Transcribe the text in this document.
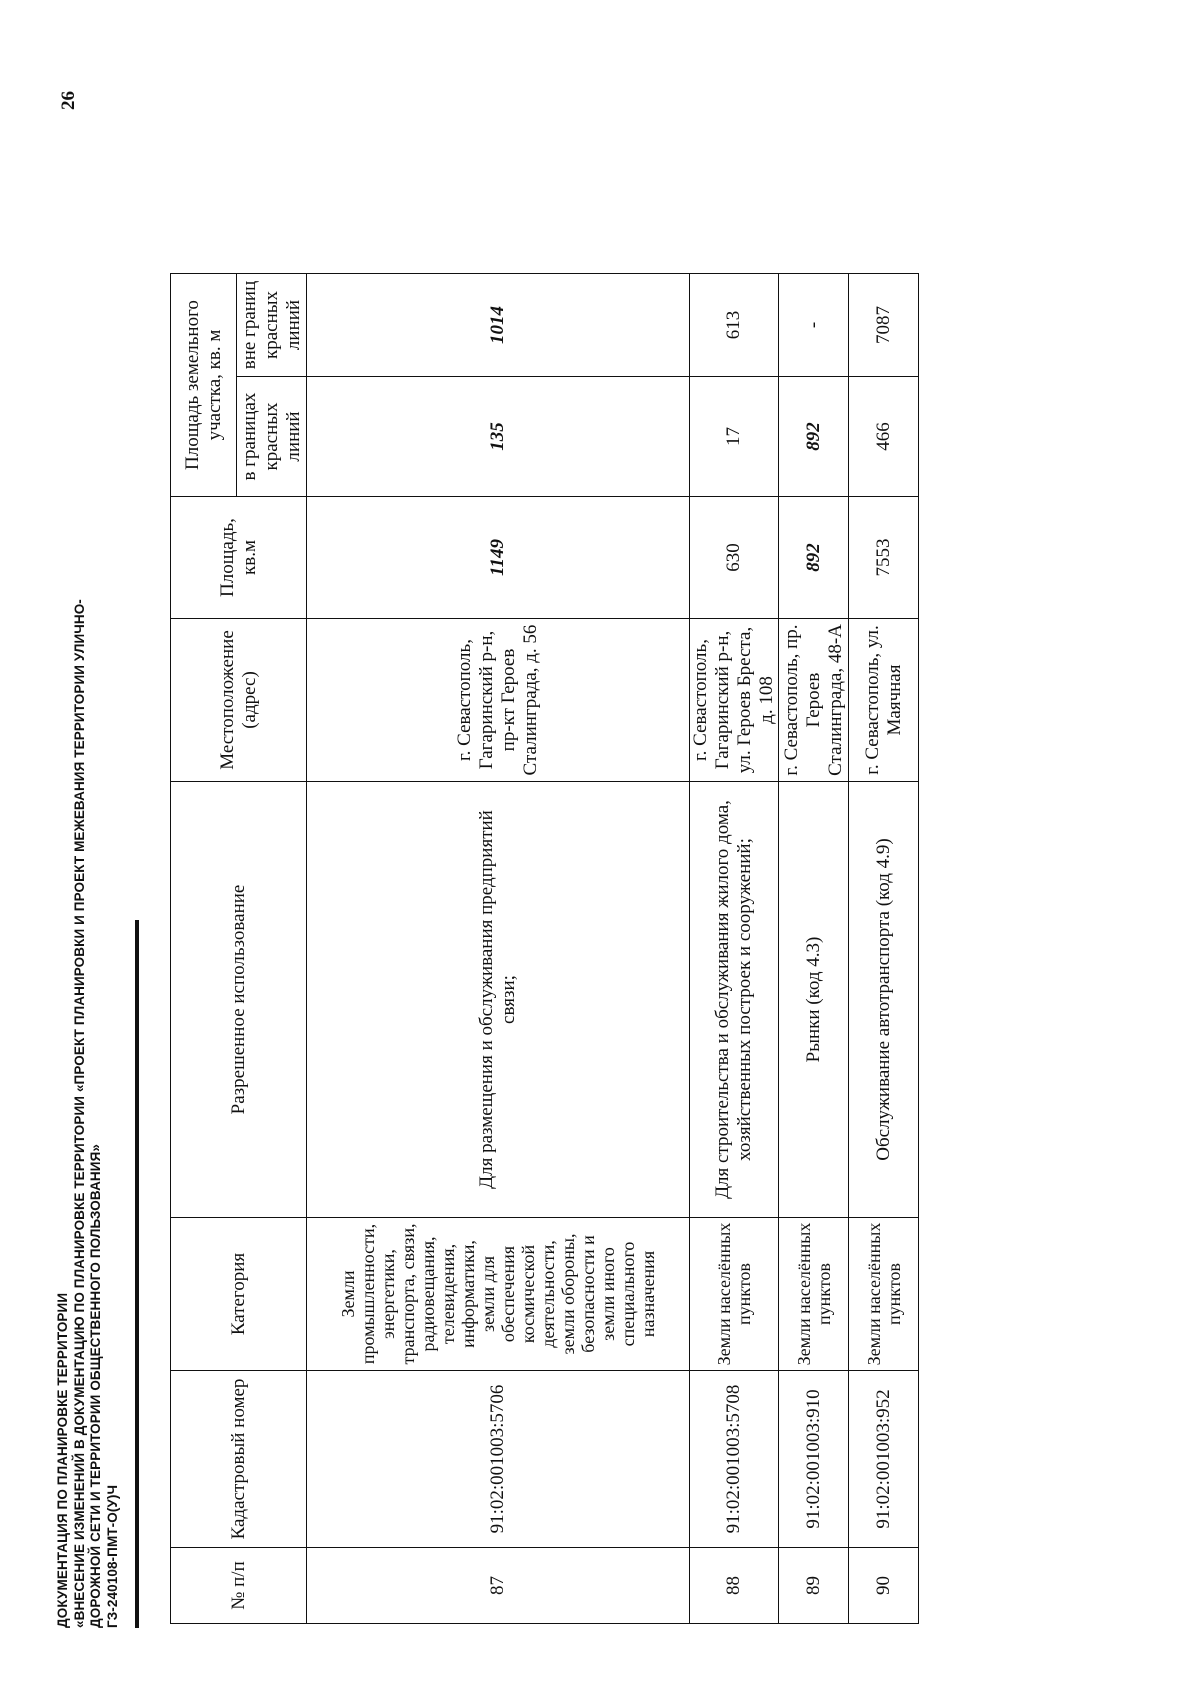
ДОКУМЕНТАЦИЯ ПО ПЛАНИРОВКЕ ТЕРРИТОРИИ «ВНЕСЕНИЕ ИЗМЕНЕНИЙ В ДОКУМЕНТАЦИЮ ПО ПЛАНИРОВКЕ ТЕРРИТОРИИ «ПРОЕКТ ПЛАНИРОВКИ И ПРОЕКТ МЕЖЕВАНИЯ ТЕРРИТОРИИ УЛИЧНО- ДОРОЖНОЙ СЕТИ И ТЕРРИТОРИИ ОБЩЕСТВЕННОГО ПОЛЬЗОВАНИЯ» ГЗ-240108-ПМТ-О(У)Ч
26
№ п/п	Кадастровый номер	Категория	Разрешенное использование	Местоположение (адрес)	Площадь, кв.м	Площадь земельного участка, кв. м	
						в границах красных линий	вне границ красных линий
87	91:02:001003:5706	Земли промышленности, энергетики, транспорта, связи, радиовещания, телевидения, информатики, земли для обеспечения космической деятельности, земли обороны, безопасности и земли иного специального назначения	Для размещения и обслуживания предприятий связи;	г. Севастополь, Гагаринский р-н, пр-кт Героев Сталинграда, д. 56	1149	135	1014
88	91:02:001003:5708	Земли населённых пунктов	Для строительства и обслуживания жилого дома, хозяйственных построек и сооружений;	г. Севастополь, Гагаринский р-н, ул. Героев Бреста, д. 108	630	17	613
89	91:02:001003:910	Земли населённых пунктов	Рынки (код 4.3)	г. Севастополь, пр. Героев Сталинграда, 48-А	892	892	-
90	91:02:001003:952	Земли населённых пунктов	Обслуживание автотранспорта (код 4.9)	г. Севастополь, ул. Маячная	7553	466	7087
